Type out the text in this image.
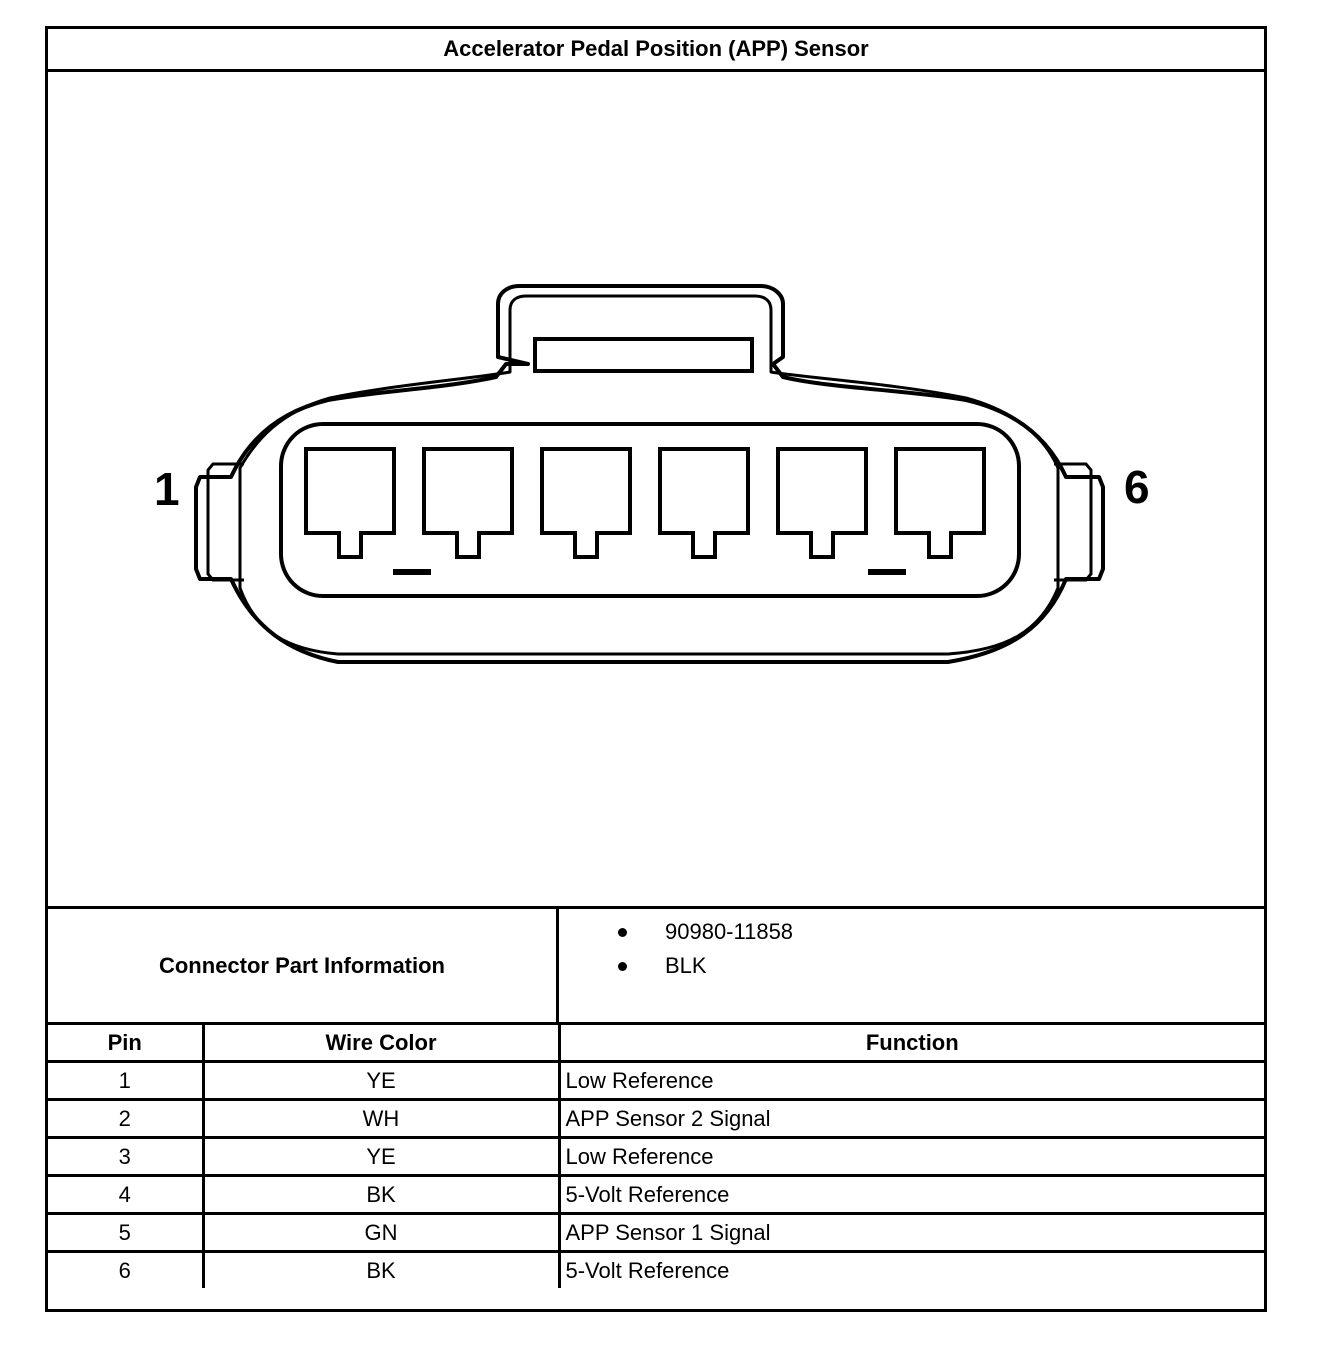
Accelerator Pedal Position (APP) Sensor
1	6
Connector Part Information
90980-11858
BLK
Pin	Wire Color	Function
1	YE	Low Reference
2	WH	APP Sensor 2 Signal
3	YE	Low Reference
4	BK	5-Volt Reference
5	GN	APP Sensor 1 Signal
6	BK	5-Volt Reference
